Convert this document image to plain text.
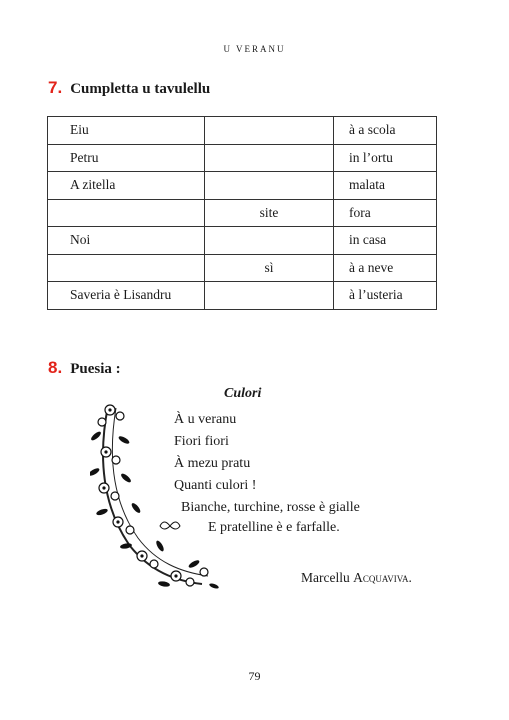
U VERANU
7. Cumpletta u tavulellu
Eiu		à a scola
Petru		in l’ortu
A zitella		malata
	site	fora
Noi		in casa
	sì	à a neve
Saveria è Lisandru		à l’usteria
8. Puesia :
Culori
À u veranu
Fiori fiori
À mezu pratu
Quanti culori !
Bianche, turchine, rosse è gialle
E pratelline è e farfalle.
Marcellu Acquaviva.
79
